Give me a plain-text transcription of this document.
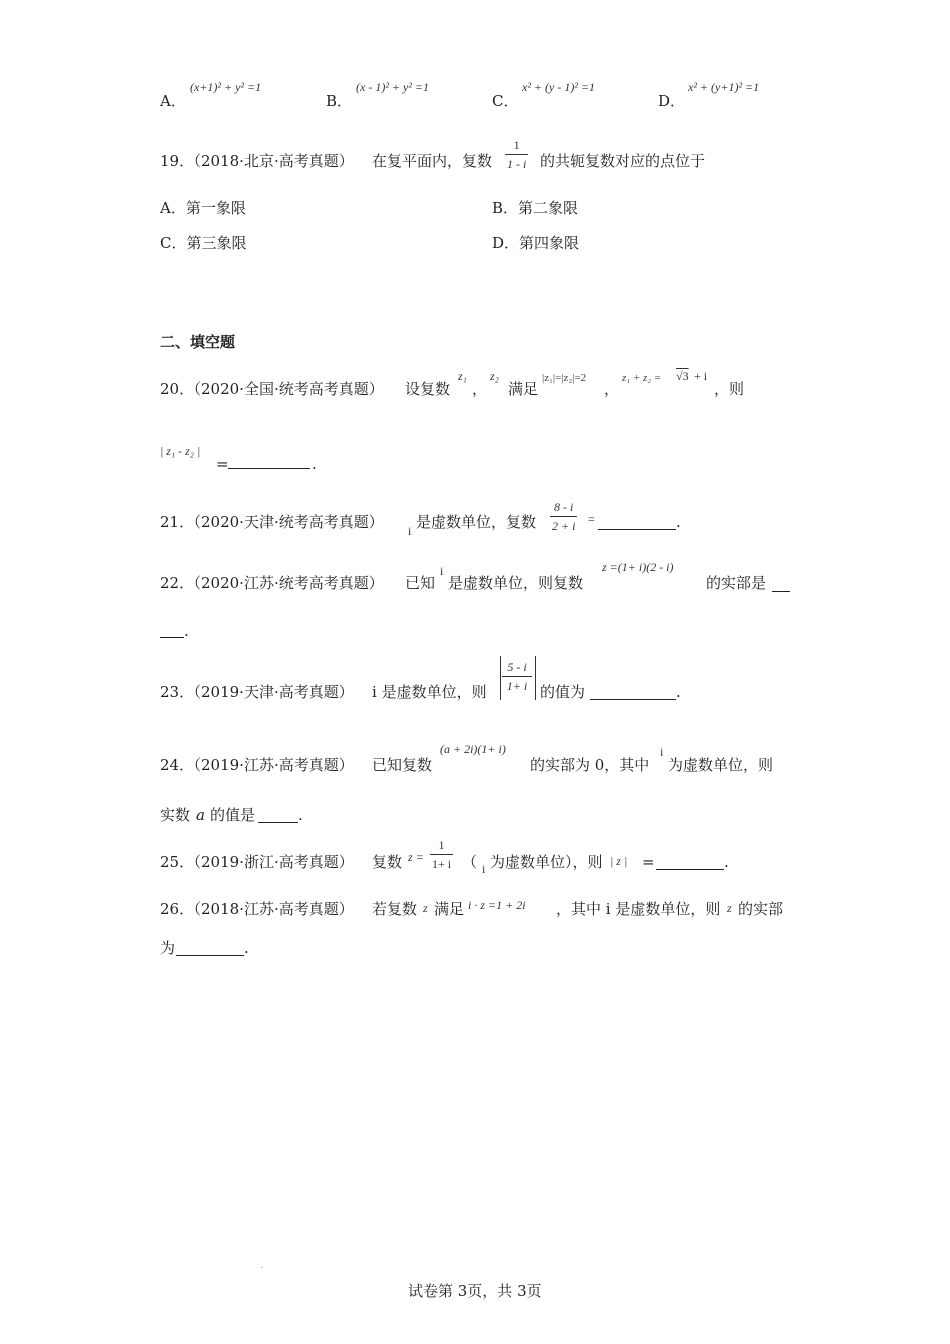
A．
(x+1)² + y² =1
B．
(x - 1)² + y² =1
C．
x² + (y - 1)² =1
D．
x² + (y+1)² =1
19．
（2018·北京·高考真题） 在复平面内，复数
1
1 - i 的共轭复数对应的点位于
A．第一象限	B．第二象限
C．第三象限	D．第四象限
二、填空题
20．
（2020·全国·统考高考真题） 设复数
z₁
，
z₂
满足
|z₁|=|z₂|=2
，
z₁ + z₂ = √3 + i
，则
| z₁ - z₂ |
=	.
21．
（2020·天津·统考高考真题） i 是虚数单位，复数
8 - i
2 + i =	.
22．
（2020·江苏·统考高考真题） 已知
i
是虚数单位，则复数
z =(1+ i)(2 - i)
的实部是
.
23．
（2019·天津·高考真题） i 是虚数单位，则
5 - i
1+ i 的值为	.
24．
（2019·江苏·高考真题） 已知复数
(a + 2i)(1+ i)
的实部为 0，其中
i
为虚数单位，则
实数 a 的值是	.
25．
（2019·浙江·高考真题） 复数 z =
1
1+ i （ i 为虚数单位），则 | z | =	.
26．
（2018·江苏·高考真题） 若复数 z 满足 i · z =1 + 2i ，其中 i 是虚数单位，则 z 的实部
为	.
·
试卷第 3页，共 3页
